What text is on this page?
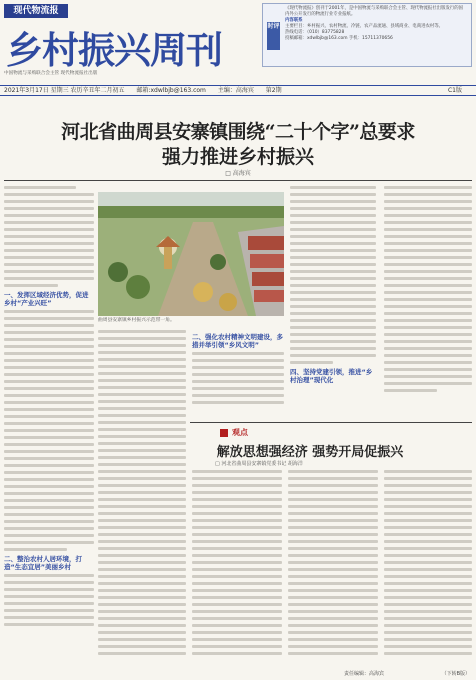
现代物流报
乡村振兴周刊
中国物流与采购联合会主管 现代物流报社出版
时评

《现代物流报》创刊于2001年，是中国物流与采购联合会主管、现代物流报社出版发行的国内外公开发行的物流行业专业报纸。

内容联系

主要栏目：乡村振兴、农村物流、冷链、农产品流通、县域商业、电商进农村等。

热线电话：（010）83775828

投稿邮箱：xdwlbjb@163.com 手机：15711370656

2021年3月17日 星期三 农历辛丑年二月初五 邮箱:xdwlbjb@163.com 主编：高海宾 第2期	C1版
河北省曲周县安寨镇围绕“二十个字”总要求
强力推进乡村振兴
□ 高海宾
一、发挥区域经济优势，促进乡村“产业兴旺”
二、整治农村人居环境，打造“生态宜居”美丽乡村
曲周县安寨镇乡村振兴示范带一角。
四、坚持党建引领，推进“乡村治理”现代化
二、强化农村精神文明建设，多措并举引领“乡风文明”
观点
解放思想强经济 强势开局促振兴
□ 河北省曲周县安寨镇党委书记 胡海洋
责任编辑：高海宾	（下转B版）
